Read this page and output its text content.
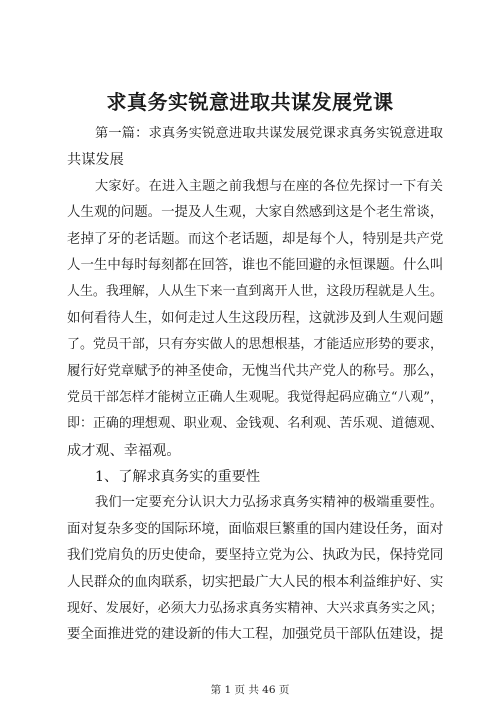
求真务实锐意进取共谋发展党课
第一篇：求真务实锐意进取共谋发展党课求真务实锐意进取
共谋发展
大家好。在进入主题之前我想与在座的各位先探讨一下有关
人生观的问题。一提及人生观，大家自然感到这是个老生常谈，
老掉了牙的老话题。而这个老话题，却是每个人，特别是共产党
人一生中每时每刻都在回答，谁也不能回避的永恒课题。什么叫
人生。我理解，人从生下来一直到离开人世，这段历程就是人生。
如何看待人生，如何走过人生这段历程，这就涉及到人生观问题
了。党员干部，只有夯实做人的思想根基，才能适应形势的要求，
履行好党章赋予的神圣使命，无愧当代共产党人的称号。那么，
党员干部怎样才能树立正确人生观呢。我觉得起码应确立“八观”，
即：正确的理想观、职业观、金钱观、名利观、苦乐观、道德观、
成才观、幸福观。
1、了解求真务实的重要性
我们一定要充分认识大力弘扬求真务实精神的极端重要性。
面对复杂多变的国际环境，面临艰巨繁重的国内建设任务，面对
我们党肩负的历史使命，要坚持立党为公、执政为民，保持党同
人民群众的血肉联系，切实把最广大人民的根本利益维护好、实
现好、发展好，必须大力弘扬求真务实精神、大兴求真务实之风；
要全面推进党的建设新的伟大工程，加强党员干部队伍建设，提
第 1 页 共 46 页
